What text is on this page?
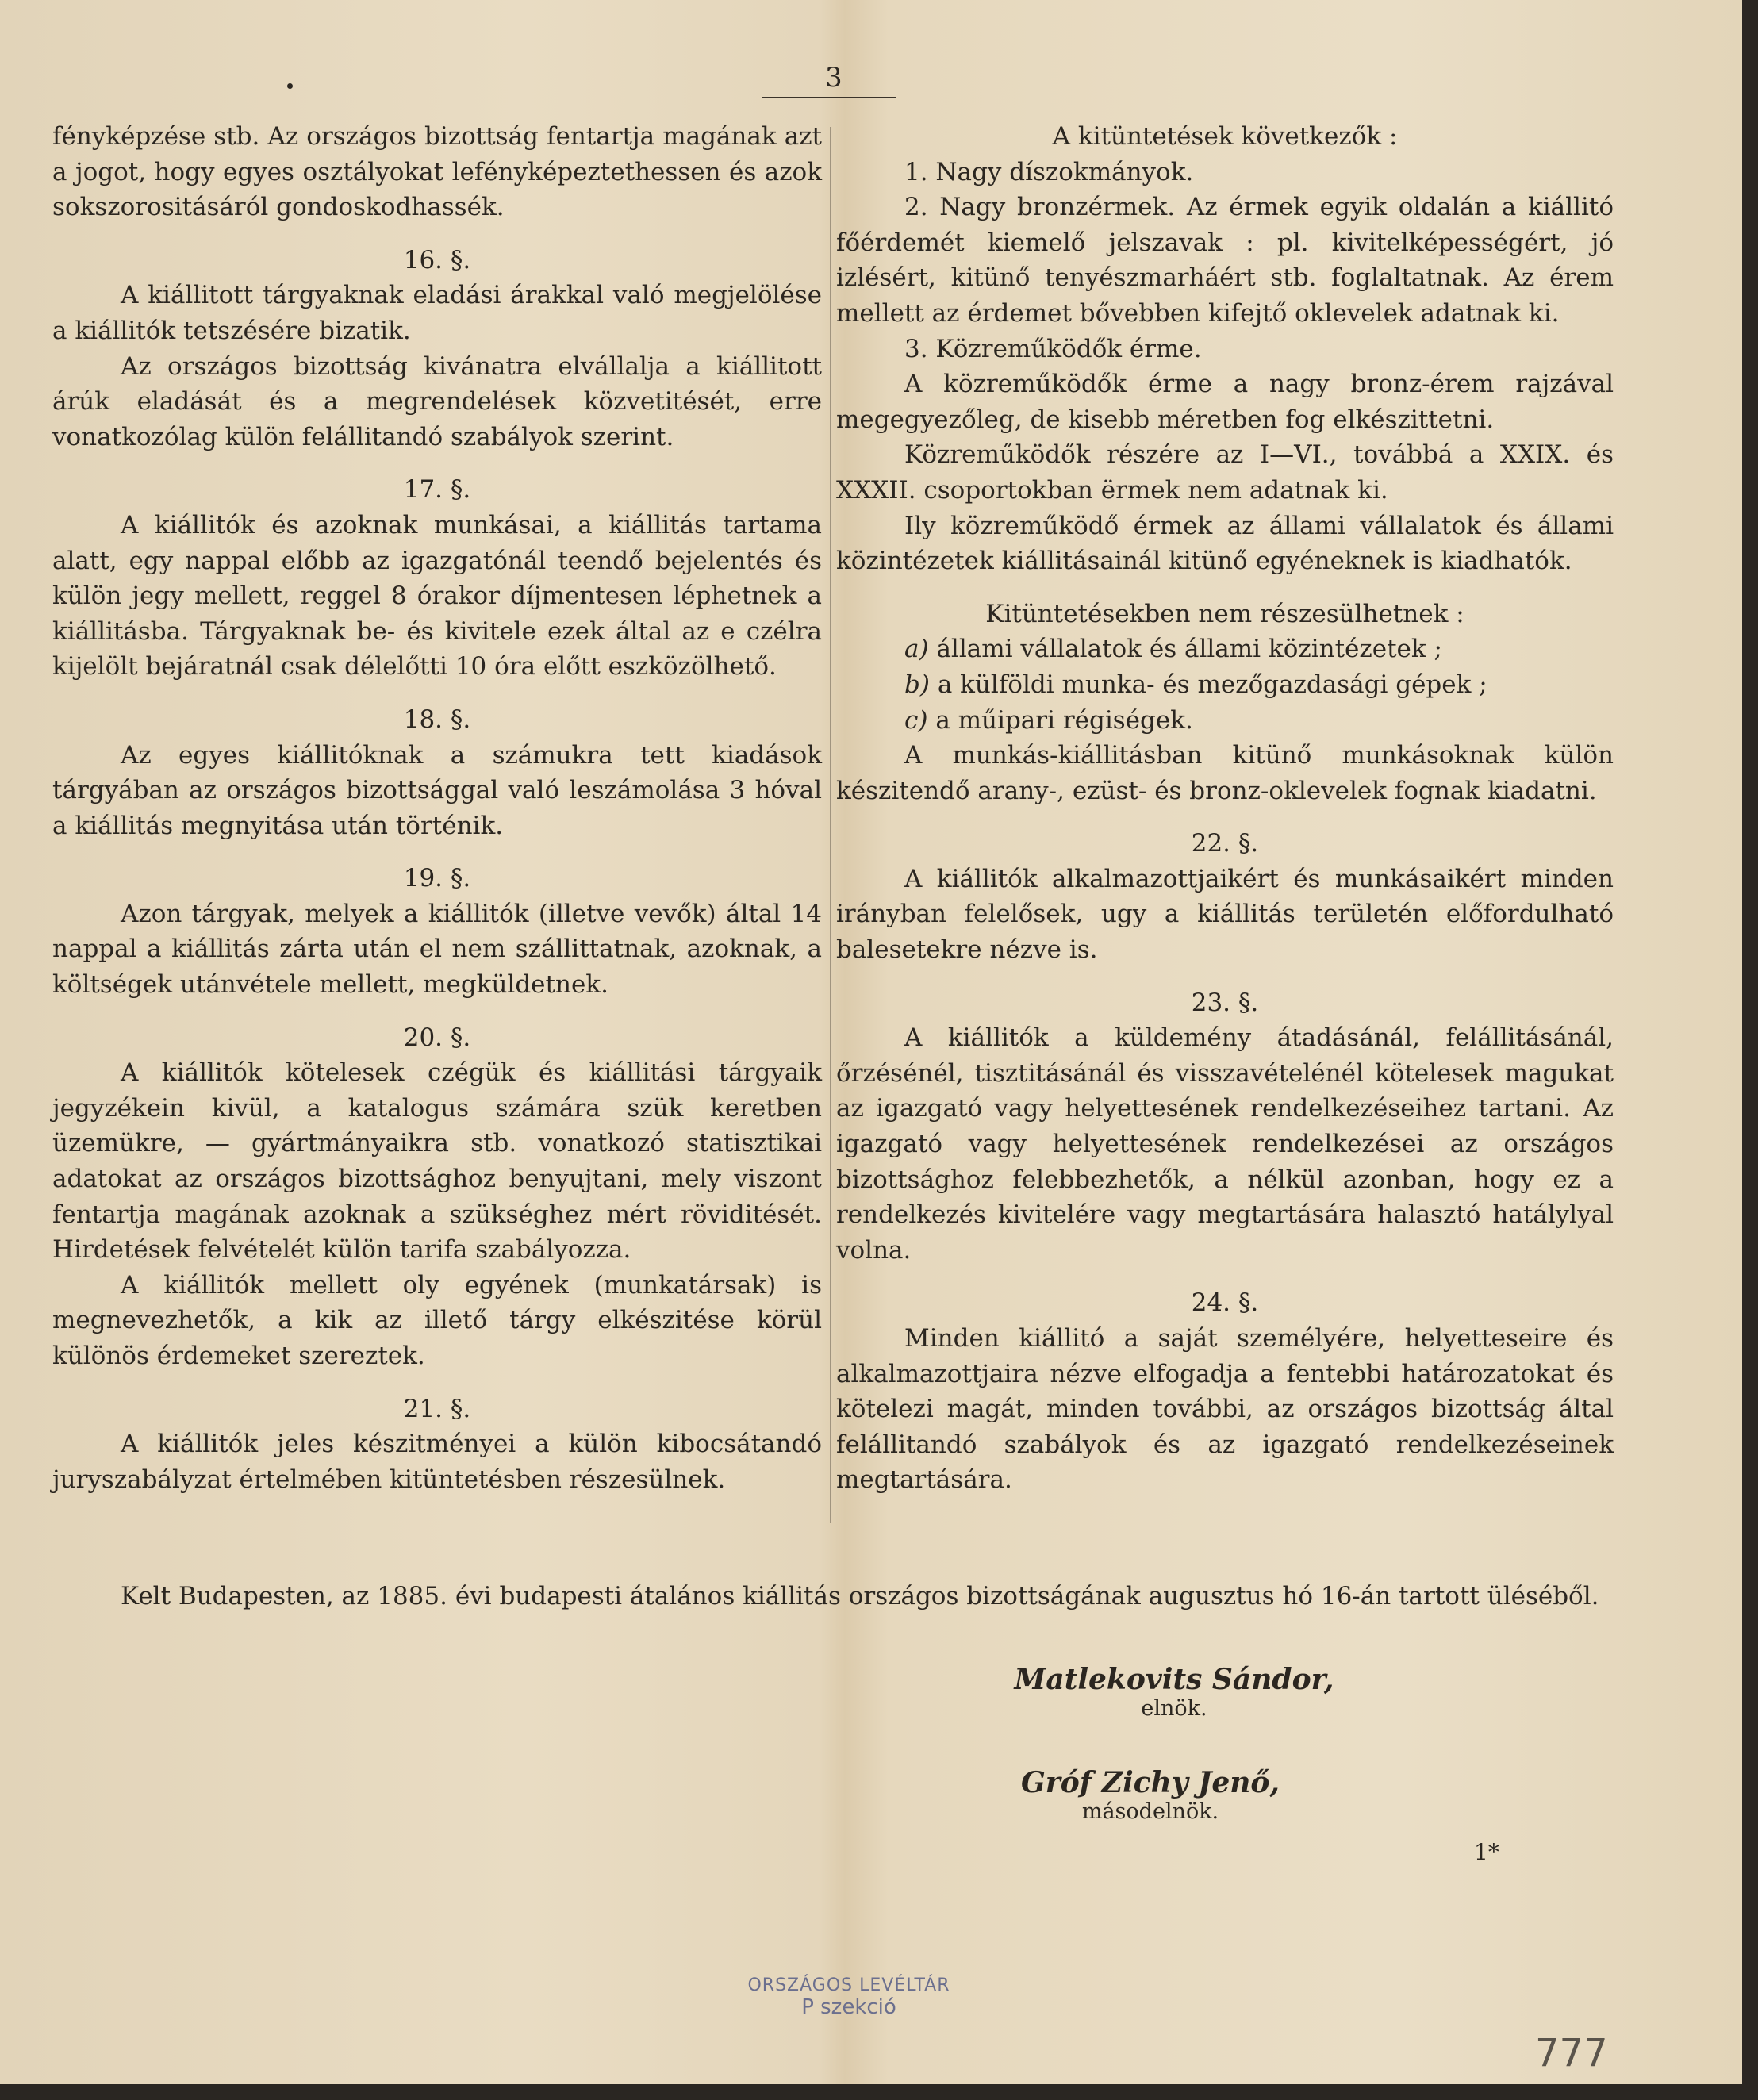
3

fényképzése stb. Az országos bizottság fentartja magának azt a jogot, hogy egyes osztályokat lefényképeztethessen és azok sokszorositásáról gondoskodhassék.

16. §.

A kiállitott tárgyaknak eladási árakkal való megjelölése a kiállitók tetszésére bizatik.

Az országos bizottság kivánatra elvállalja a kiállitott árúk eladását és a megrendelések közvetitését, erre vonatkozólag külön felállitandó szabályok szerint.

17. §.

A kiállitók és azoknak munkásai, a kiállitás tartama alatt, egy nappal előbb az igazgatónál teendő bejelentés és külön jegy mellett, reggel 8 órakor díjmentesen léphetnek a kiállitásba. Tárgyaknak be- és kivitele ezek által az e czélra kijelölt bejáratnál csak délelőtti 10 óra előtt eszközölhető.

18. §.

Az egyes kiállitóknak a számukra tett kiadások tárgyában az országos bizottsággal való leszámolása 3 hóval a kiállitás megnyitása után történik.

19. §.

Azon tárgyak, melyek a kiállitók (illetve vevők) által 14 nappal a kiállitás zárta után el nem szállittatnak, azoknak, a költségek utánvétele mellett, megküldetnek.

20. §.

A kiállitók kötelesek czégük és kiállitási tárgyaik jegyzékein kivül, a katalogus számára szük keretben üzemükre, — gyártmányaikra stb. vonatkozó statisztikai adatokat az országos bizottsághoz benyujtani, mely viszont fentartja magának azoknak a szükséghez mért röviditését. Hirdetések felvételét külön tarifa szabályozza.

A kiállitók mellett oly egyének (munkatársak) is megnevezhetők, a kik az illető tárgy elkészitése körül különös érdemeket szereztek.

21. §.

A kiállitók jeles készitményei a külön kibocsátandó juryszabályzat értelmében kitüntetésben részesülnek.

A kitüntetések következők :

1. Nagy díszokmányok.

2. Nagy bronzérmek. Az érmek egyik oldalán a kiállitó főérdemét kiemelő jelszavak : pl. kivitelképességért, jó izlésért, kitünő tenyészmarháért stb. foglaltatnak. Az érem mellett az érdemet bővebben kifejtő oklevelek adatnak ki.

3. Közreműködők érme.

A közreműködők érme a nagy bronz-érem rajzával megegyezőleg, de kisebb méretben fog elkészittetni.

Közreműködők részére az I—VI., továbbá a XXIX. és XXXII. csoportokban ërmek nem adatnak ki.

Ily közreműködő érmek az állami vállalatok és állami közintézetek kiállitásainál kitünő egyéneknek is kiadhatók.

Kitüntetésekben nem részesülhetnek :

a) állami vállalatok és állami közintézetek ;

b) a külföldi munka- és mezőgazdasági gépek ;

c) a műipari régiségek.

A munkás-kiállitásban kitünő munkásoknak külön készitendő arany-, ezüst- és bronz-oklevelek fognak kiadatni.

22. §.

A kiállitók alkalmazottjaikért és munkásaikért minden irányban felelősek, ugy a kiállitás területén előfordulható balesetekre nézve is.

23. §.

A kiállitók a küldemény átadásánál, felállitásánál, őrzésénél, tisztitásánál és visszavételénél kötelesek magukat az igazgató vagy helyettesének rendelkezéseihez tartani. Az igazgató vagy helyettesének rendelkezései az országos bizottsághoz felebbezhetők, a nélkül azonban, hogy ez a rendelkezés kivitelére vagy megtartására halasztó hatálylyal volna.

24. §.

Minden kiállitó a saját személyére, helyetteseire és alkalmazottjaira nézve elfogadja a fentebbi határozatokat és kötelezi magát, minden további, az országos bizottság által felállitandó szabályok és az igazgató rendelkezéseinek megtartására.

Kelt Budapesten, az 1885. évi budapesti átalános kiállitás országos bizottságának augusztus hó 16-án tartott üléséből.

Matlekovits Sándor,
elnök.
Gróf Zichy Jenő,
másodelnök.
1*
ORSZÁGOS LEVÉLTÁR
P szekció
777
